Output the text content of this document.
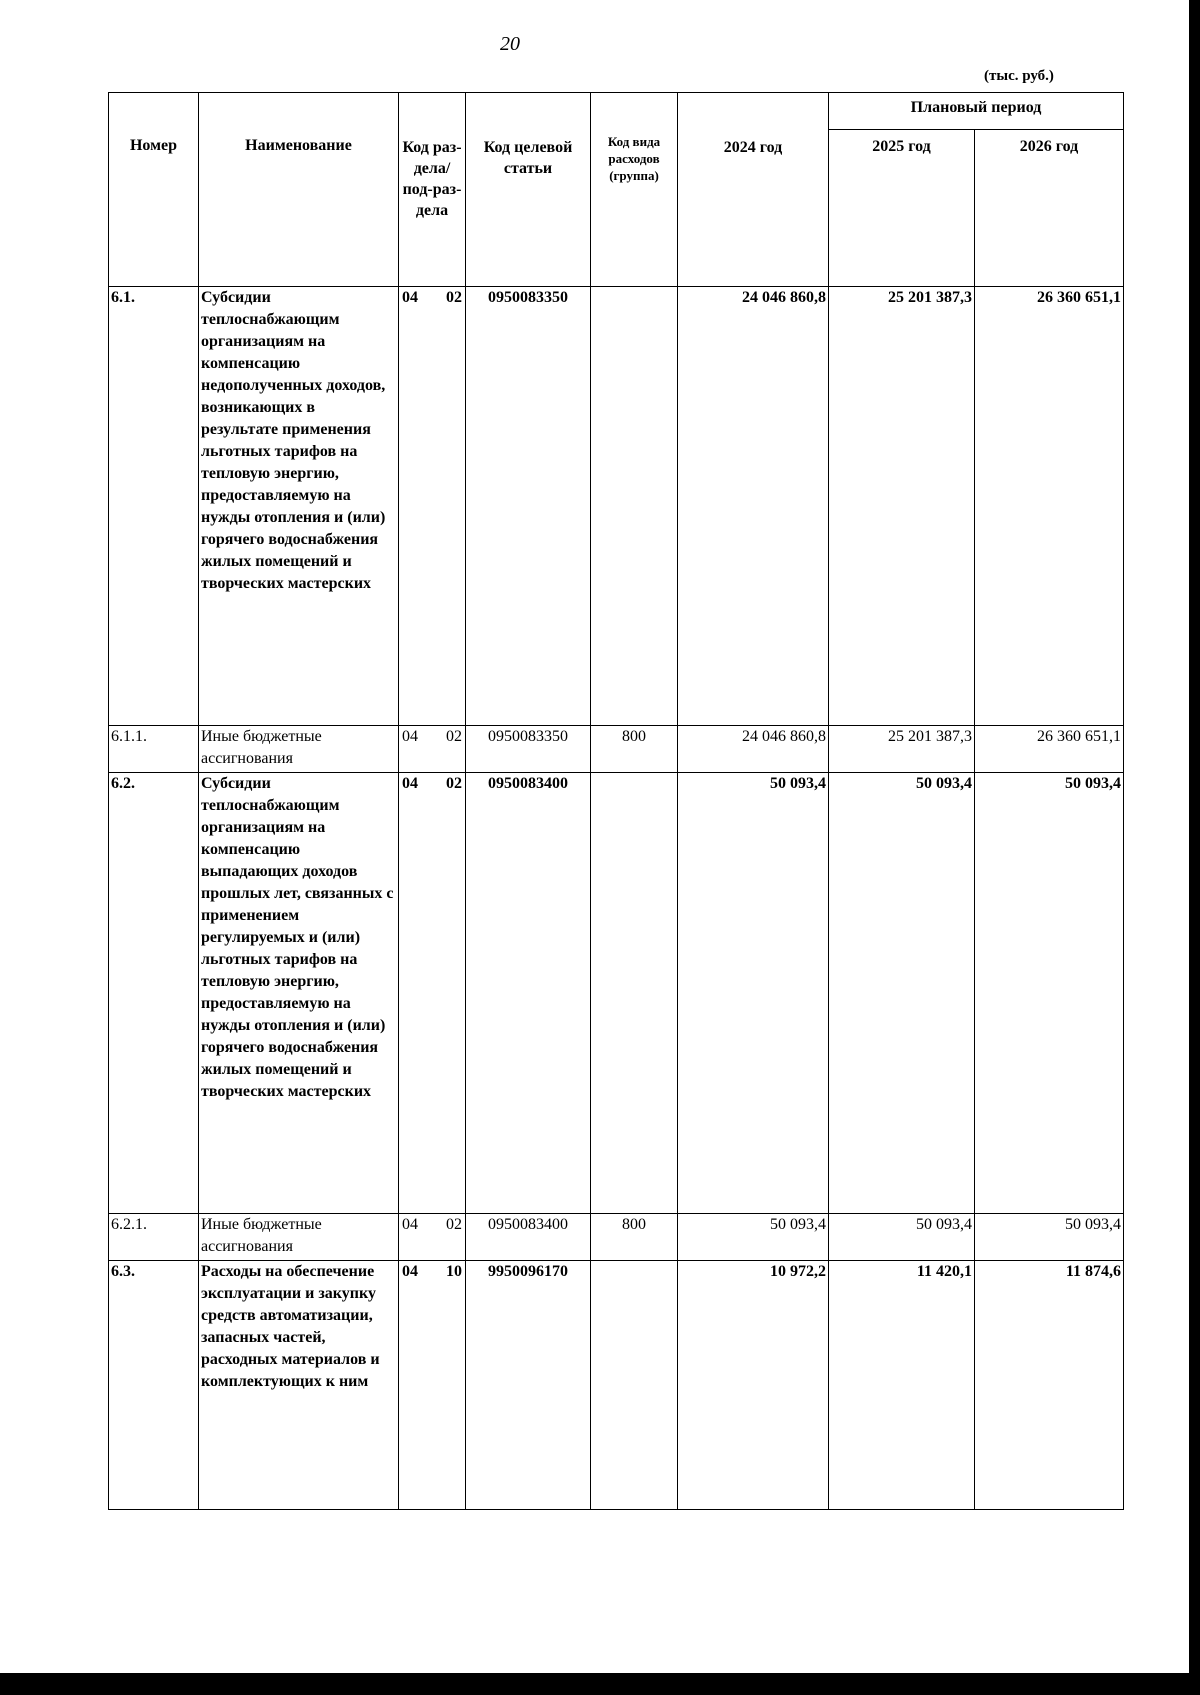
20
(тыс. руб.)
Номер	Наименование	Код раз-дела/ под-раз-дела	Код целевой статьи	Код вида расходов (группа)	2024 год	Плановый период	
						2025 год	2026 год
6.1.	Субсидии теплоснабжающим организациям на компенсацию недополученных доходов, возникающих в результате применения льготных тарифов на тепловую энергию, предоставляемую на нужды отопления и (или) горячего водоснабжения жилых помещений и творческих мастерских	04 02	0950083350		24 046 860,8	25 201 387,3	26 360 651,1
6.1.1.	Иные бюджетные ассигнования	04 02	0950083350	800	24 046 860,8	25 201 387,3	26 360 651,1
6.2.	Субсидии теплоснабжающим организациям на компенсацию выпадающих доходов прошлых лет, связанных с применением регулируемых и (или) льготных тарифов на тепловую энергию, предоставляемую на нужды отопления и (или) горячего водоснабжения жилых помещений и творческих мастерских	04 02	0950083400		50 093,4	50 093,4	50 093,4
6.2.1.	Иные бюджетные ассигнования	04 02	0950083400	800	50 093,4	50 093,4	50 093,4
6.3.	Расходы на обеспечение эксплуатации и закупку средств автоматизации, запасных частей, расходных материалов и комплектующих к ним	04 10	9950096170		10 972,2	11 420,1	11 874,6
